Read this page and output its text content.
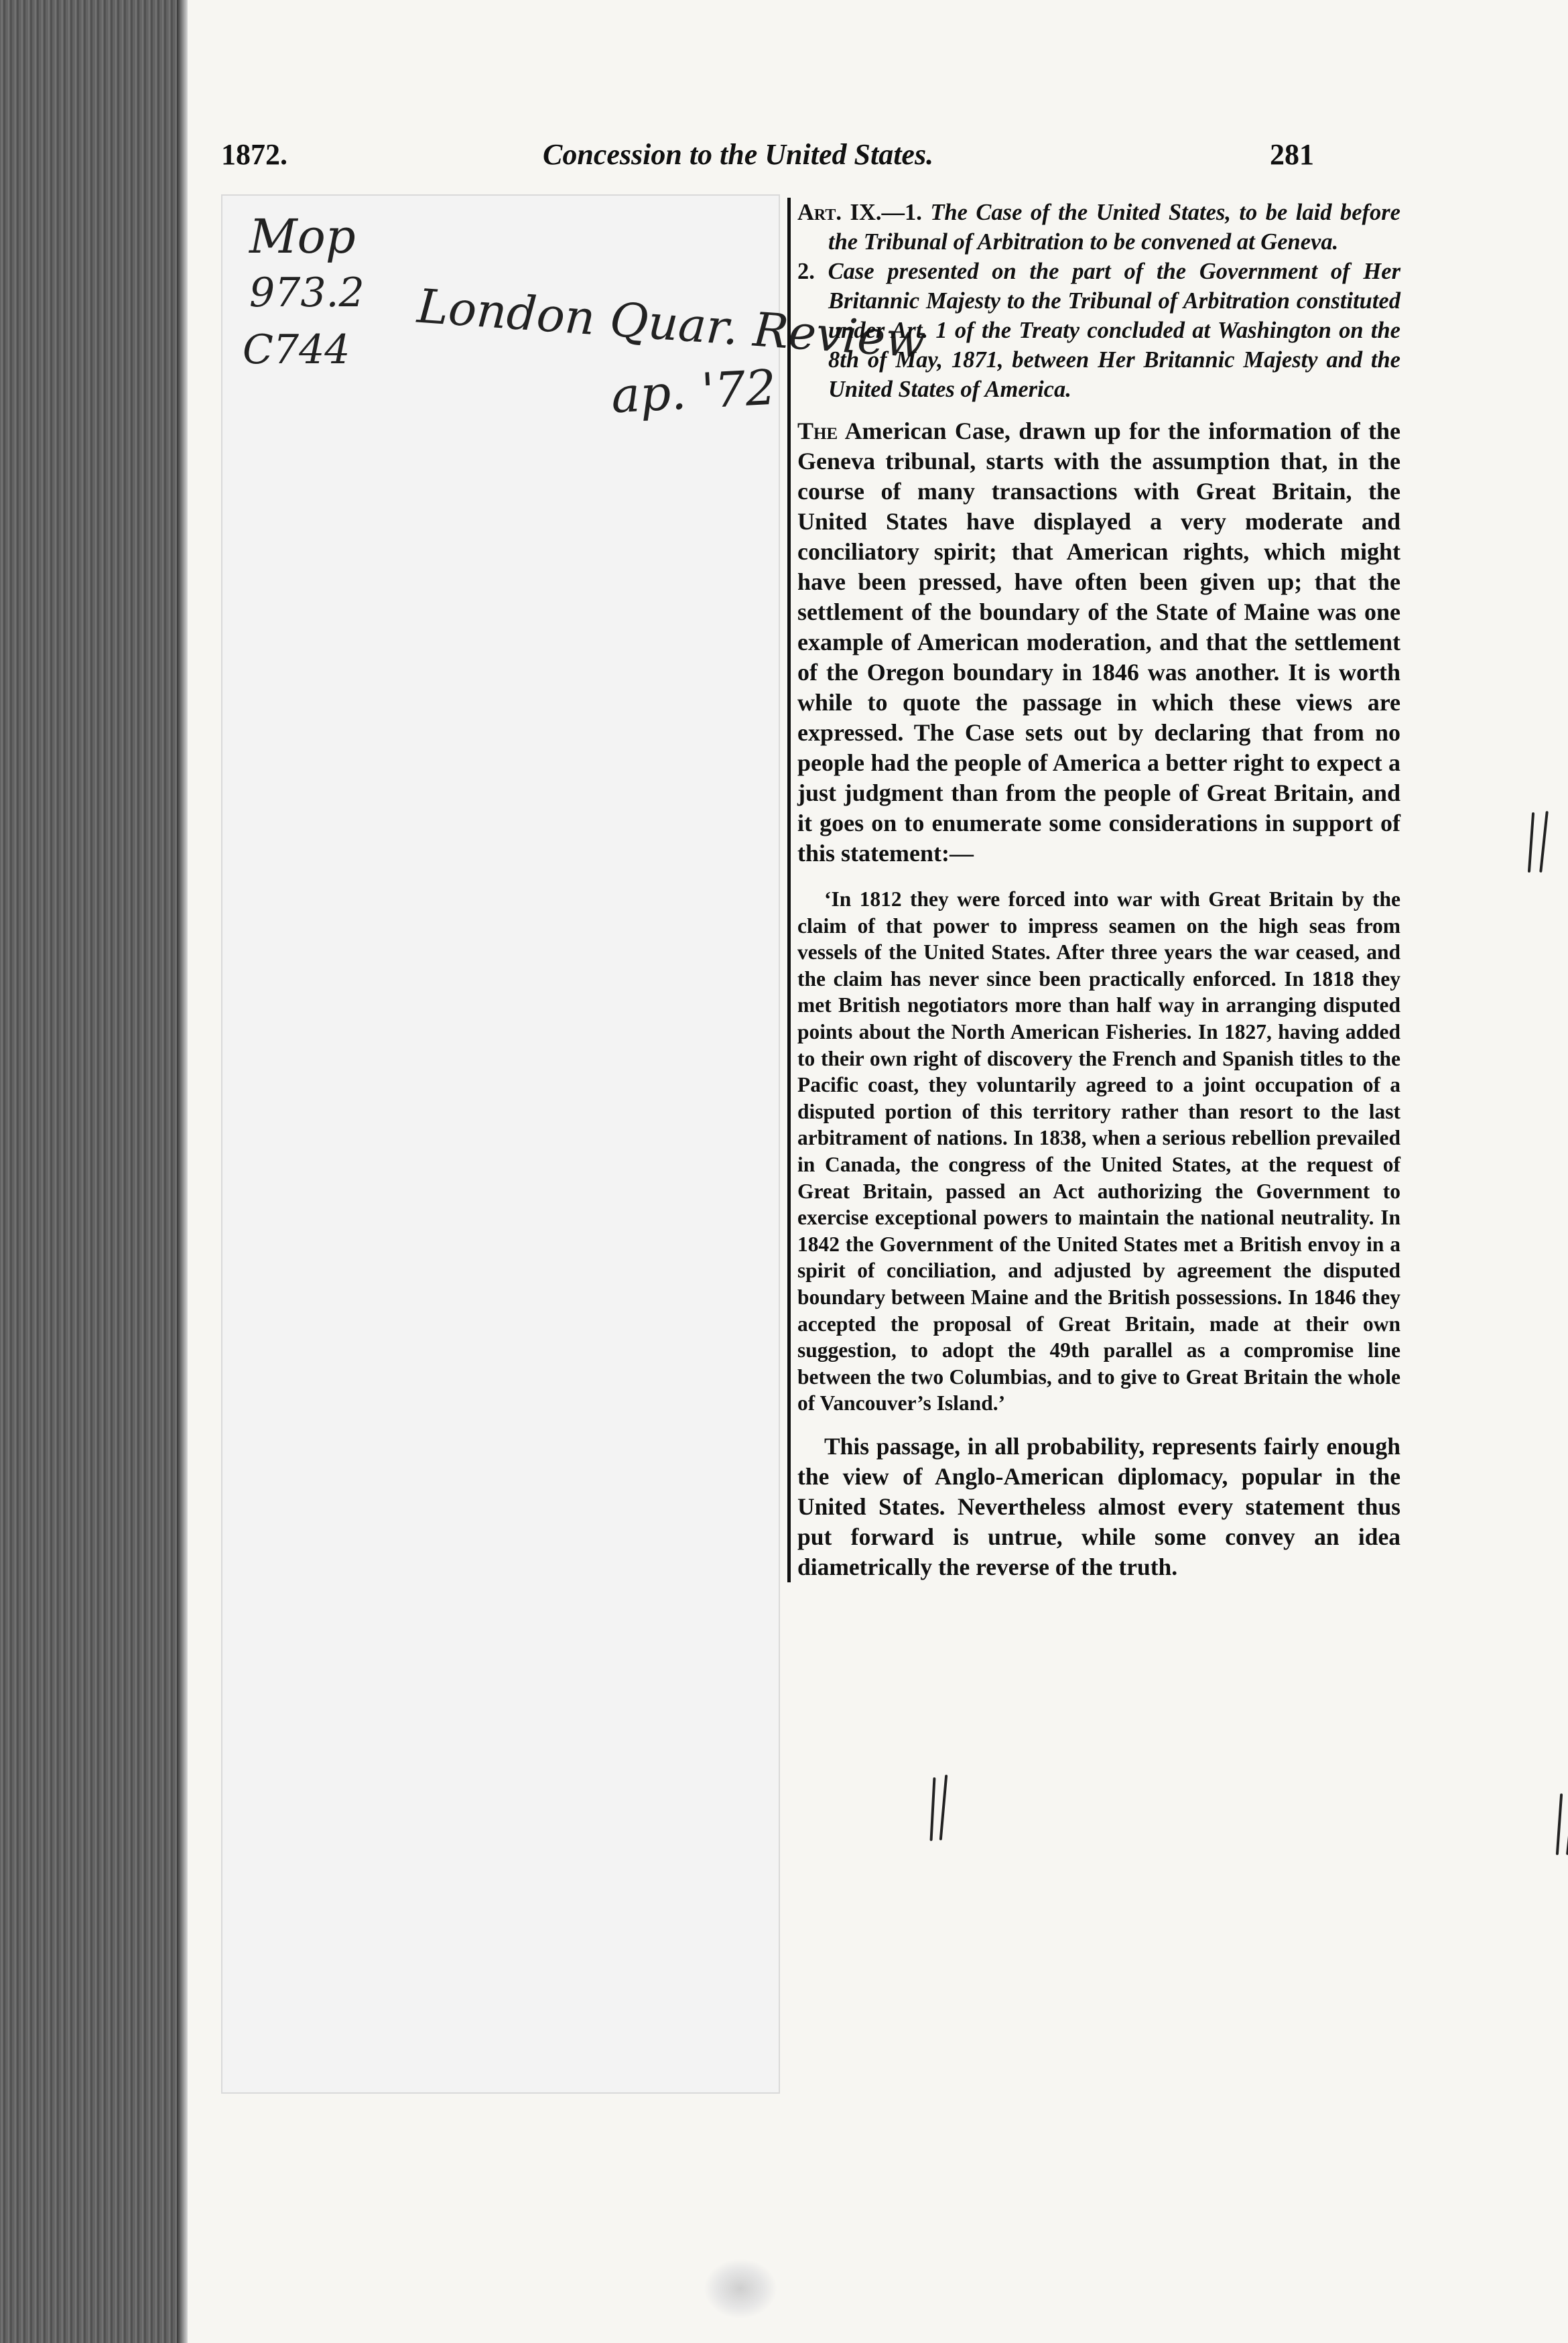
1872.	Concession to the United States.	281
Mop
973.2
C744 London Quar. Review
ap. '72

Art. IX.—1. The Case of the United States, to be laid before the Tribunal of Arbitration to be convened at Geneva.

2. Case presented on the part of the Government of Her Britannic Majesty to the Tribunal of Arbitration constituted under Art. 1 of the Treaty concluded at Washington on the 8th of May, 1871, between Her Britannic Majesty and the United States of America.

The American Case, drawn up for the information of the Geneva tribunal, starts with the assumption that, in the course of many transactions with Great Britain, the United States have displayed a very moderate and conciliatory spirit; that American rights, which might have been pressed, have often been given up; that the settlement of the boundary of the State of Maine was one example of American moderation, and that the settlement of the Oregon boundary in 1846 was another. It is worth while to quote the passage in which these views are expressed. The Case sets out by declaring that from no people had the people of America a better right to expect a just judgment than from the people of Great Britain, and it goes on to enumerate some considerations in support of this statement:—

‘In 1812 they were forced into war with Great Britain by the claim of that power to impress seamen on the high seas from vessels of the United States. After three years the war ceased, and the claim has never since been practically enforced. In 1818 they met British negotiators more than half way in arranging disputed points about the North American Fisheries. In 1827, having added to their own right of discovery the French and Spanish titles to the Pacific coast, they voluntarily agreed to a joint occupation of a disputed portion of this territory rather than resort to the last arbitrament of nations. In 1838, when a serious rebellion prevailed in Canada, the congress of the United States, at the request of Great Britain, passed an Act authorizing the Government to exercise exceptional powers to maintain the national neutrality. In 1842 the Government of the United States met a British envoy in a spirit of conciliation, and adjusted by agreement the disputed boundary between Maine and the British possessions. In 1846 they accepted the proposal of Great Britain, made at their own suggestion, to adopt the 49th parallel as a compromise line between the two Columbias, and to give to Great Britain the whole of Vancouver’s Island.’

This passage, in all probability, represents fairly enough the view of Anglo-American diplomacy, popular in the United States. Nevertheless almost every statement thus put forward is untrue, while some convey an idea diametrically the reverse of the truth.
